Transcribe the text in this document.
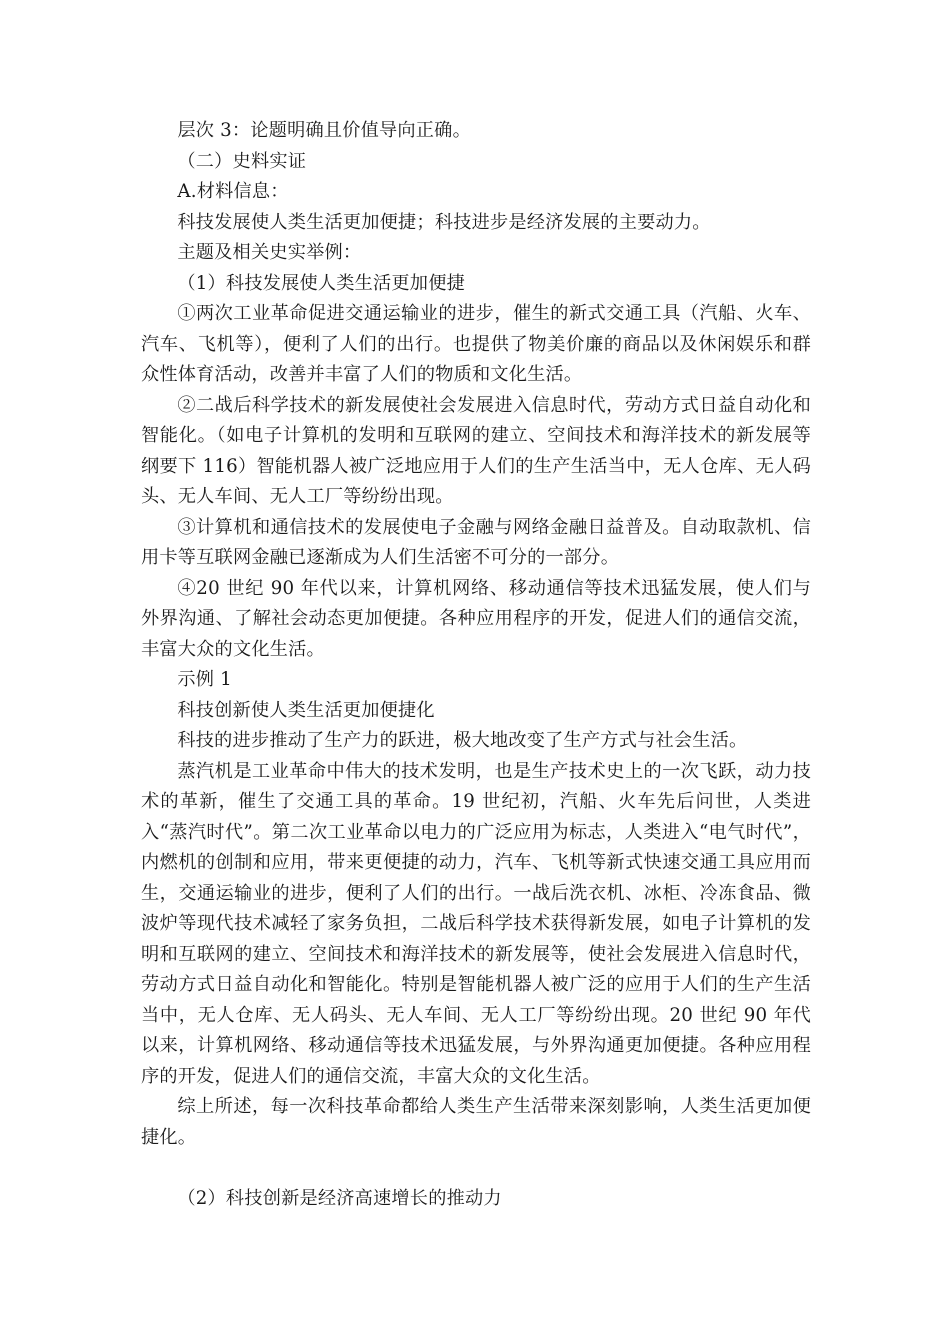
层次 3：论题明确且价值导向正确。

（二）史料实证

A.材料信息：

科技发展使人类生活更加便捷；科技进步是经济发展的主要动力。

主题及相关史实举例：

（1）科技发展使人类生活更加便捷

①两次工业革命促进交通运输业的进步，催生的新式交通工具（汽船、火车、汽车、飞机等），便利了人们的出行。也提供了物美价廉的商品以及休闲娱乐和群众性体育活动，改善并丰富了人们的物质和文化生活。

②二战后科学技术的新发展使社会发展进入信息时代，劳动方式日益自动化和智能化。（如电子计算机的发明和互联网的建立、空间技术和海洋技术的新发展等 纲要下 116）智能机器人被广泛地应用于人们的生产生活当中，无人仓库、无人码头、无人车间、无人工厂等纷纷出现。

③计算机和通信技术的发展使电子金融与网络金融日益普及。自动取款机、信用卡等互联网金融已逐渐成为人们生活密不可分的一部分。

④20 世纪 90 年代以来，计算机网络、移动通信等技术迅猛发展，使人们与外界沟通、了解社会动态更加便捷。各种应用程序的开发，促进人们的通信交流，丰富大众的文化生活。

示例 1

科技创新使人类生活更加便捷化

科技的进步推动了生产力的跃进，极大地改变了生产方式与社会生活。

蒸汽机是工业革命中伟大的技术发明，也是生产技术史上的一次飞跃，动力技术的革新，催生了交通工具的革命。19 世纪初，汽船、火车先后问世，人类进入“蒸汽时代”。第二次工业革命以电力的广泛应用为标志，人类进入“电气时代”，内燃机的创制和应用，带来更便捷的动力，汽车、飞机等新式快速交通工具应用而生，交通运输业的进步，便利了人们的出行。一战后洗衣机、冰柜、冷冻食品、微波炉等现代技术减轻了家务负担，二战后科学技术获得新发展，如电子计算机的发明和互联网的建立、空间技术和海洋技术的新发展等，使社会发展进入信息时代，劳动方式日益自动化和智能化。特别是智能机器人被广泛的应用于人们的生产生活当中，无人仓库、无人码头、无人车间、无人工厂等纷纷出现。20 世纪 90 年代以来，计算机网络、移动通信等技术迅猛发展，与外界沟通更加便捷。各种应用程序的开发，促进人们的通信交流，丰富大众的文化生活。

综上所述，每一次科技革命都给人类生产生活带来深刻影响，人类生活更加便捷化。

（2）科技创新是经济高速增长的推动力
